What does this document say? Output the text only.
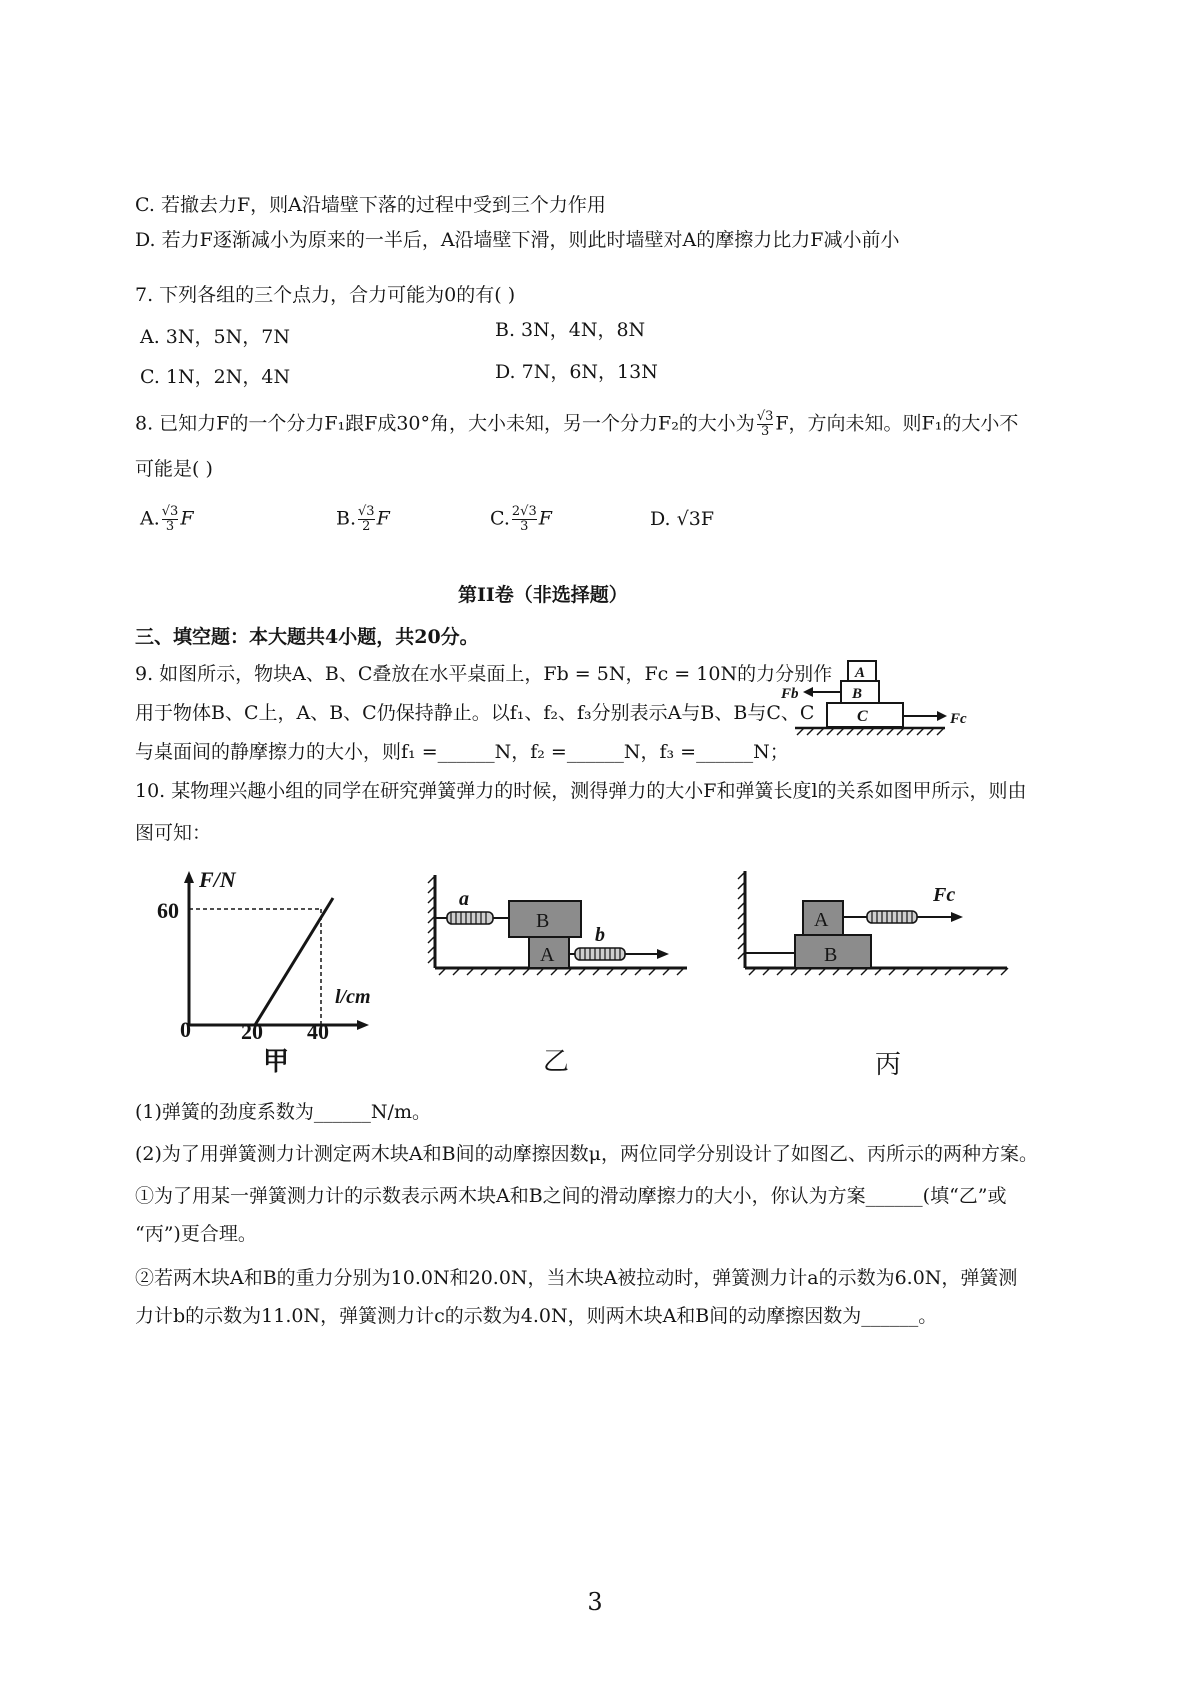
C. 若撤去力F，则A沿墙壁下落的过程中受到三个力作用
D. 若力F逐渐减小为原来的一半后，A沿墙壁下滑，则此时墙壁对A的摩擦力比力F减小前小
7. 下列各组的三个点力，合力可能为0的有( )
A. 3N，5N，7N	B. 3N，4N，8N
C. 1N，2N，4N	D. 7N，6N，13N
8. 已知力F的一个分力F₁跟F成30°角，大小未知，另一个分力F₂的大小为 $\frac{√3}{3}$ F，方向未知。则F₁的大小不
可能是( )
A. $\frac{√3}{3}$ F	B. $\frac{√3}{2}$ F	C. $\frac{2√3}{3}$ F	D. √3F
第II卷（非选择题）
三、填空题：本大题共4小题，共20分。
9. 如图所示，物块A、B、C叠放在水平桌面上，Fb = 5N，Fc = 10N的力分别作
用于物体B、C上，A、B、C仍保持静止。以f₁、f₂、f₃分别表示A与B、B与C、C
与桌面间的静摩擦力的大小，则f₁ =______N，f₂ =______N，f₃ =______N；
A
B
C
Fb
Fc
10. 某物理兴趣小组的同学在研究弹簧弹力的时候，测得弹力的大小F和弹簧长度l的关系如图甲所示，则由
图可知：
F/N
l/cm
60
0 20 40
甲
B
A
a
b
乙
B
A
Fc
丙
(1)弹簧的劲度系数为______N/m。
(2)为了用弹簧测力计测定两木块A和B间的动摩擦因数μ，两位同学分别设计了如图乙、丙所示的两种方案。
①为了用某一弹簧测力计的示数表示两木块A和B之间的滑动摩擦力的大小，你认为方案______(填“乙”或
“丙”)更合理。
②若两木块A和B的重力分别为10.0N和20.0N，当木块A被拉动时，弹簧测力计a的示数为6.0N，弹簧测
力计b的示数为11.0N，弹簧测力计c的示数为4.0N，则两木块A和B间的动摩擦因数为______。
3
